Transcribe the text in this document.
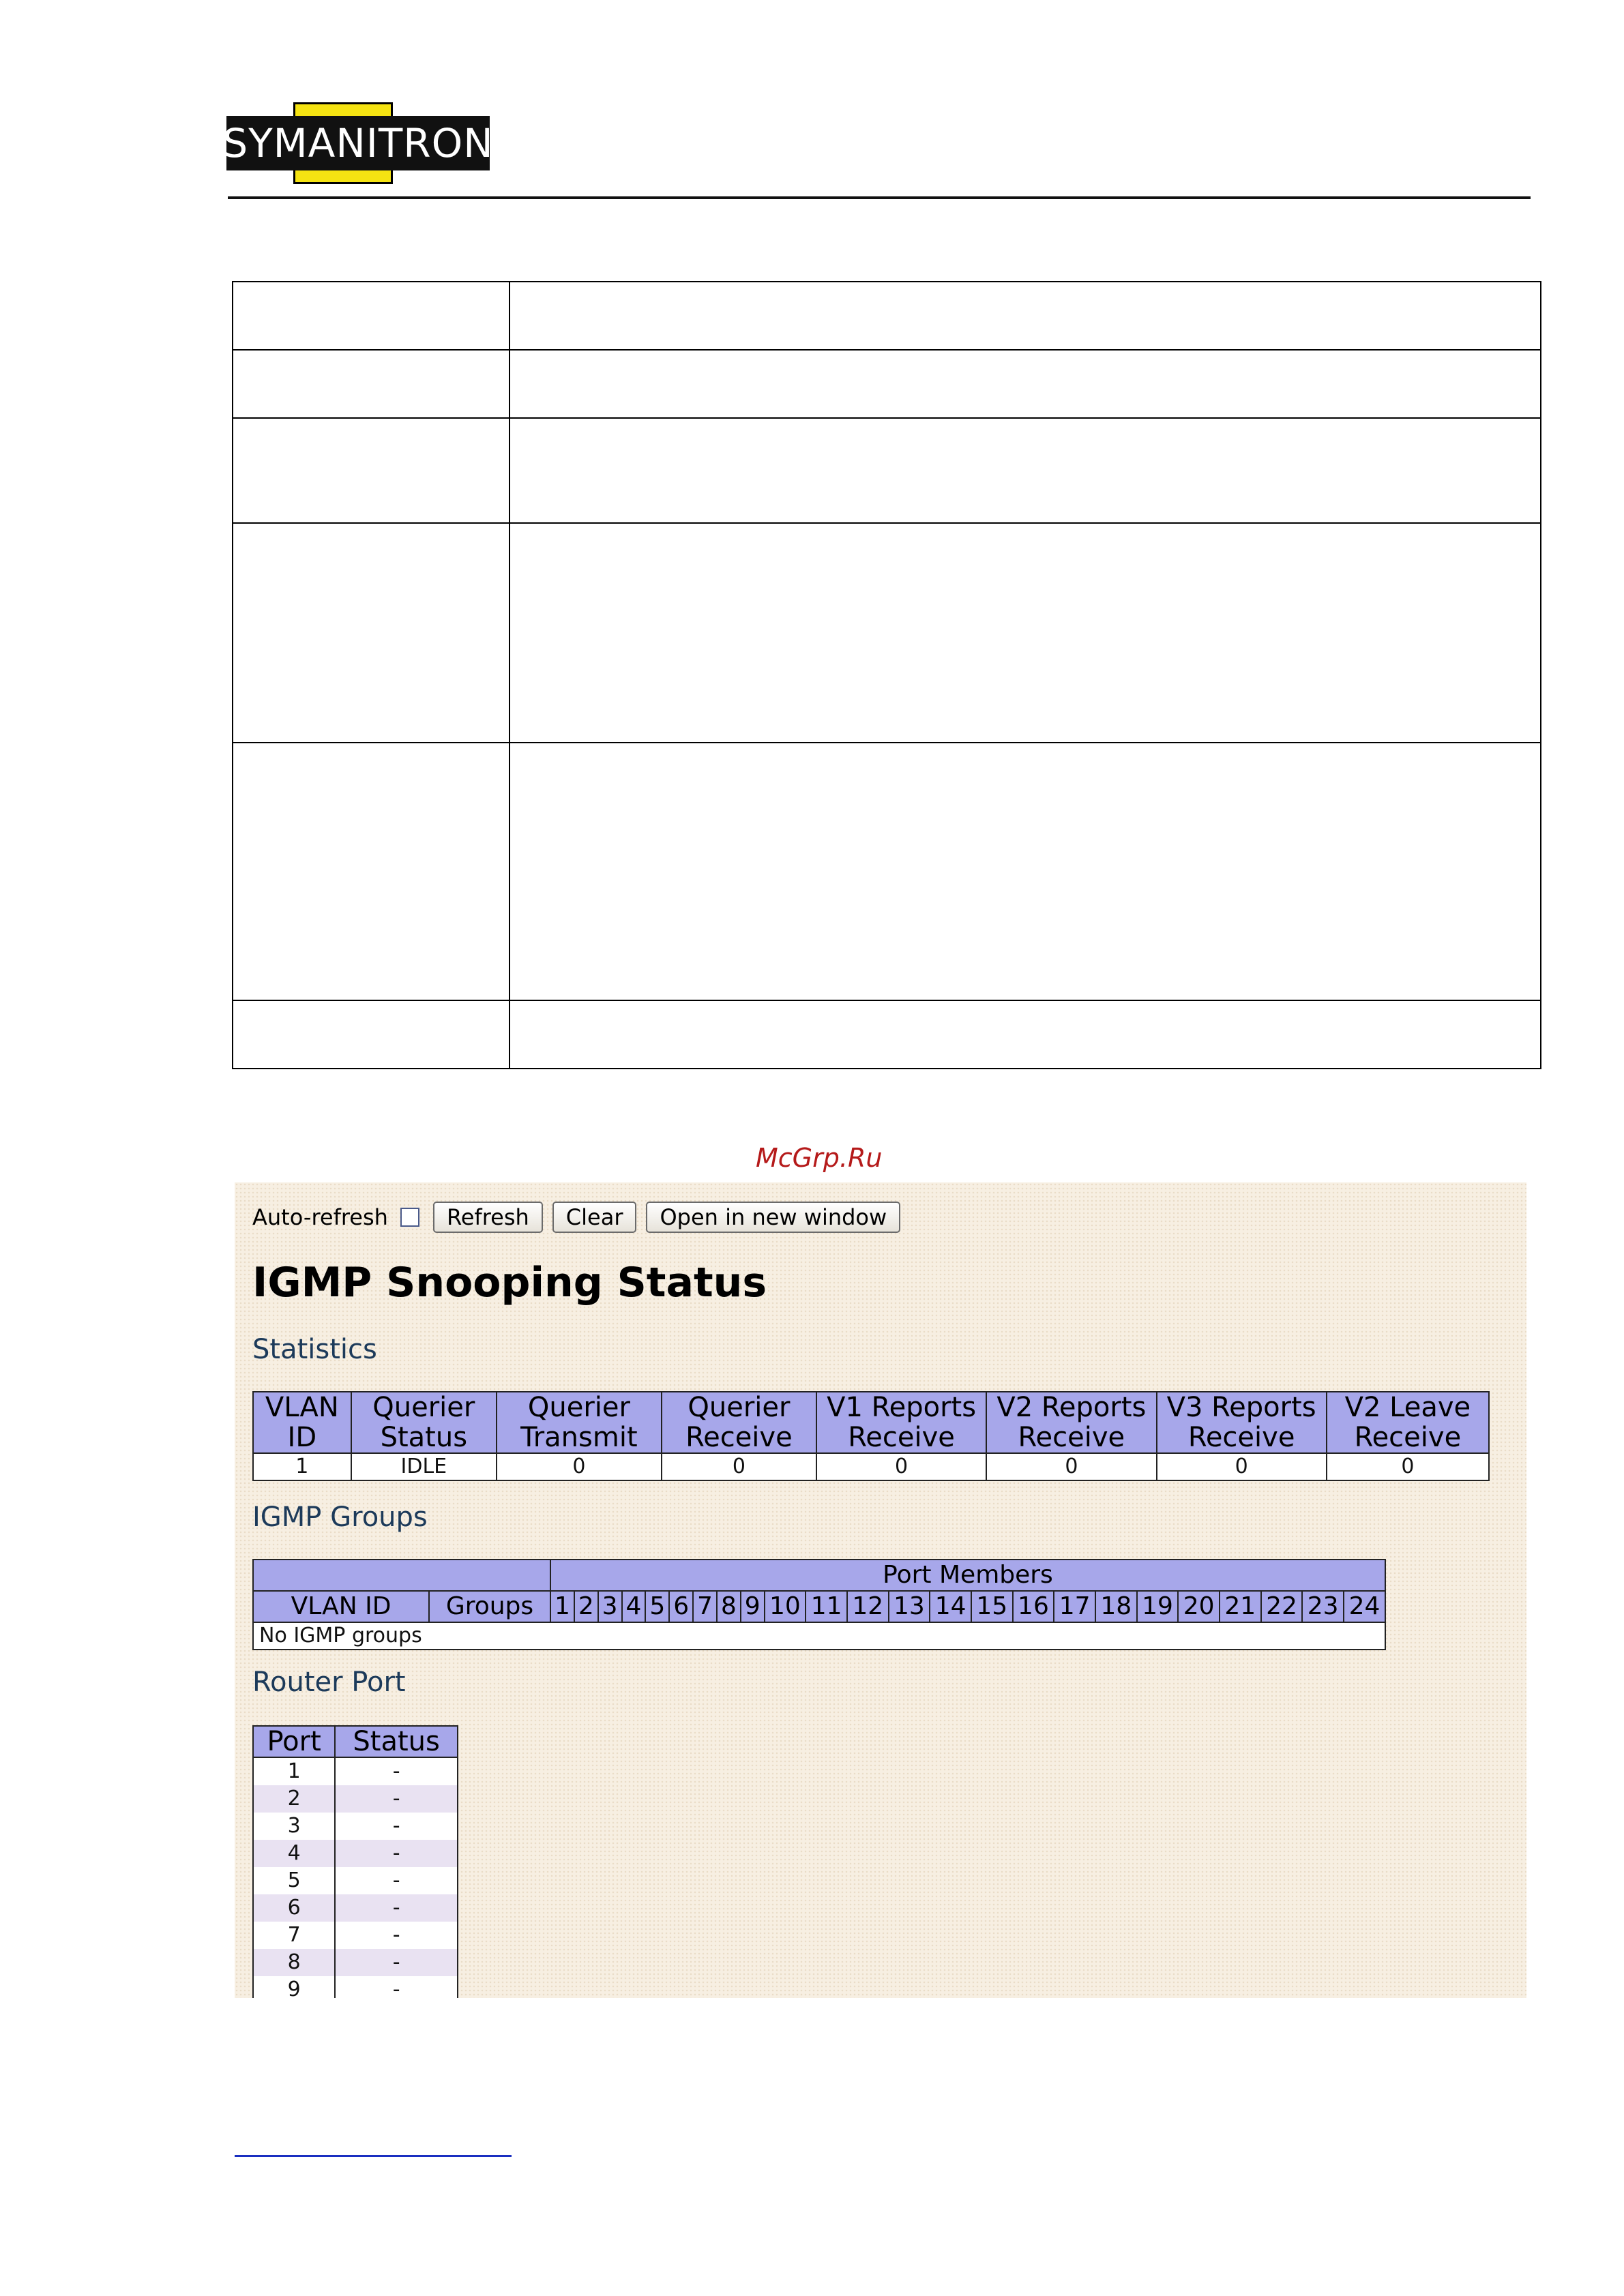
SYMANITRON

McGrp.Ru
Auto-refresh	Refresh	Clear	Open in new window
IGMP Snooping Status
Statistics
VLAN ID	Querier Status	Querier Transmit	Querier Receive	V1 Reports Receive	V2 Reports Receive	V3 Reports Receive	V2 Leave Receive
1	IDLE	0	0	0	0	0	0
IGMP Groups
		Port Members																							
VLAN ID	Groups	1	2	3	4	5	6	7	8	9	10	11	12	13	14	15	16	17	18	19	20	21	22	23	24
No IGMP groups																									
Router Port
Port	Status
1	-
2	-
3	-
4	-
5	-
6	-
7	-
8	-
9	-
